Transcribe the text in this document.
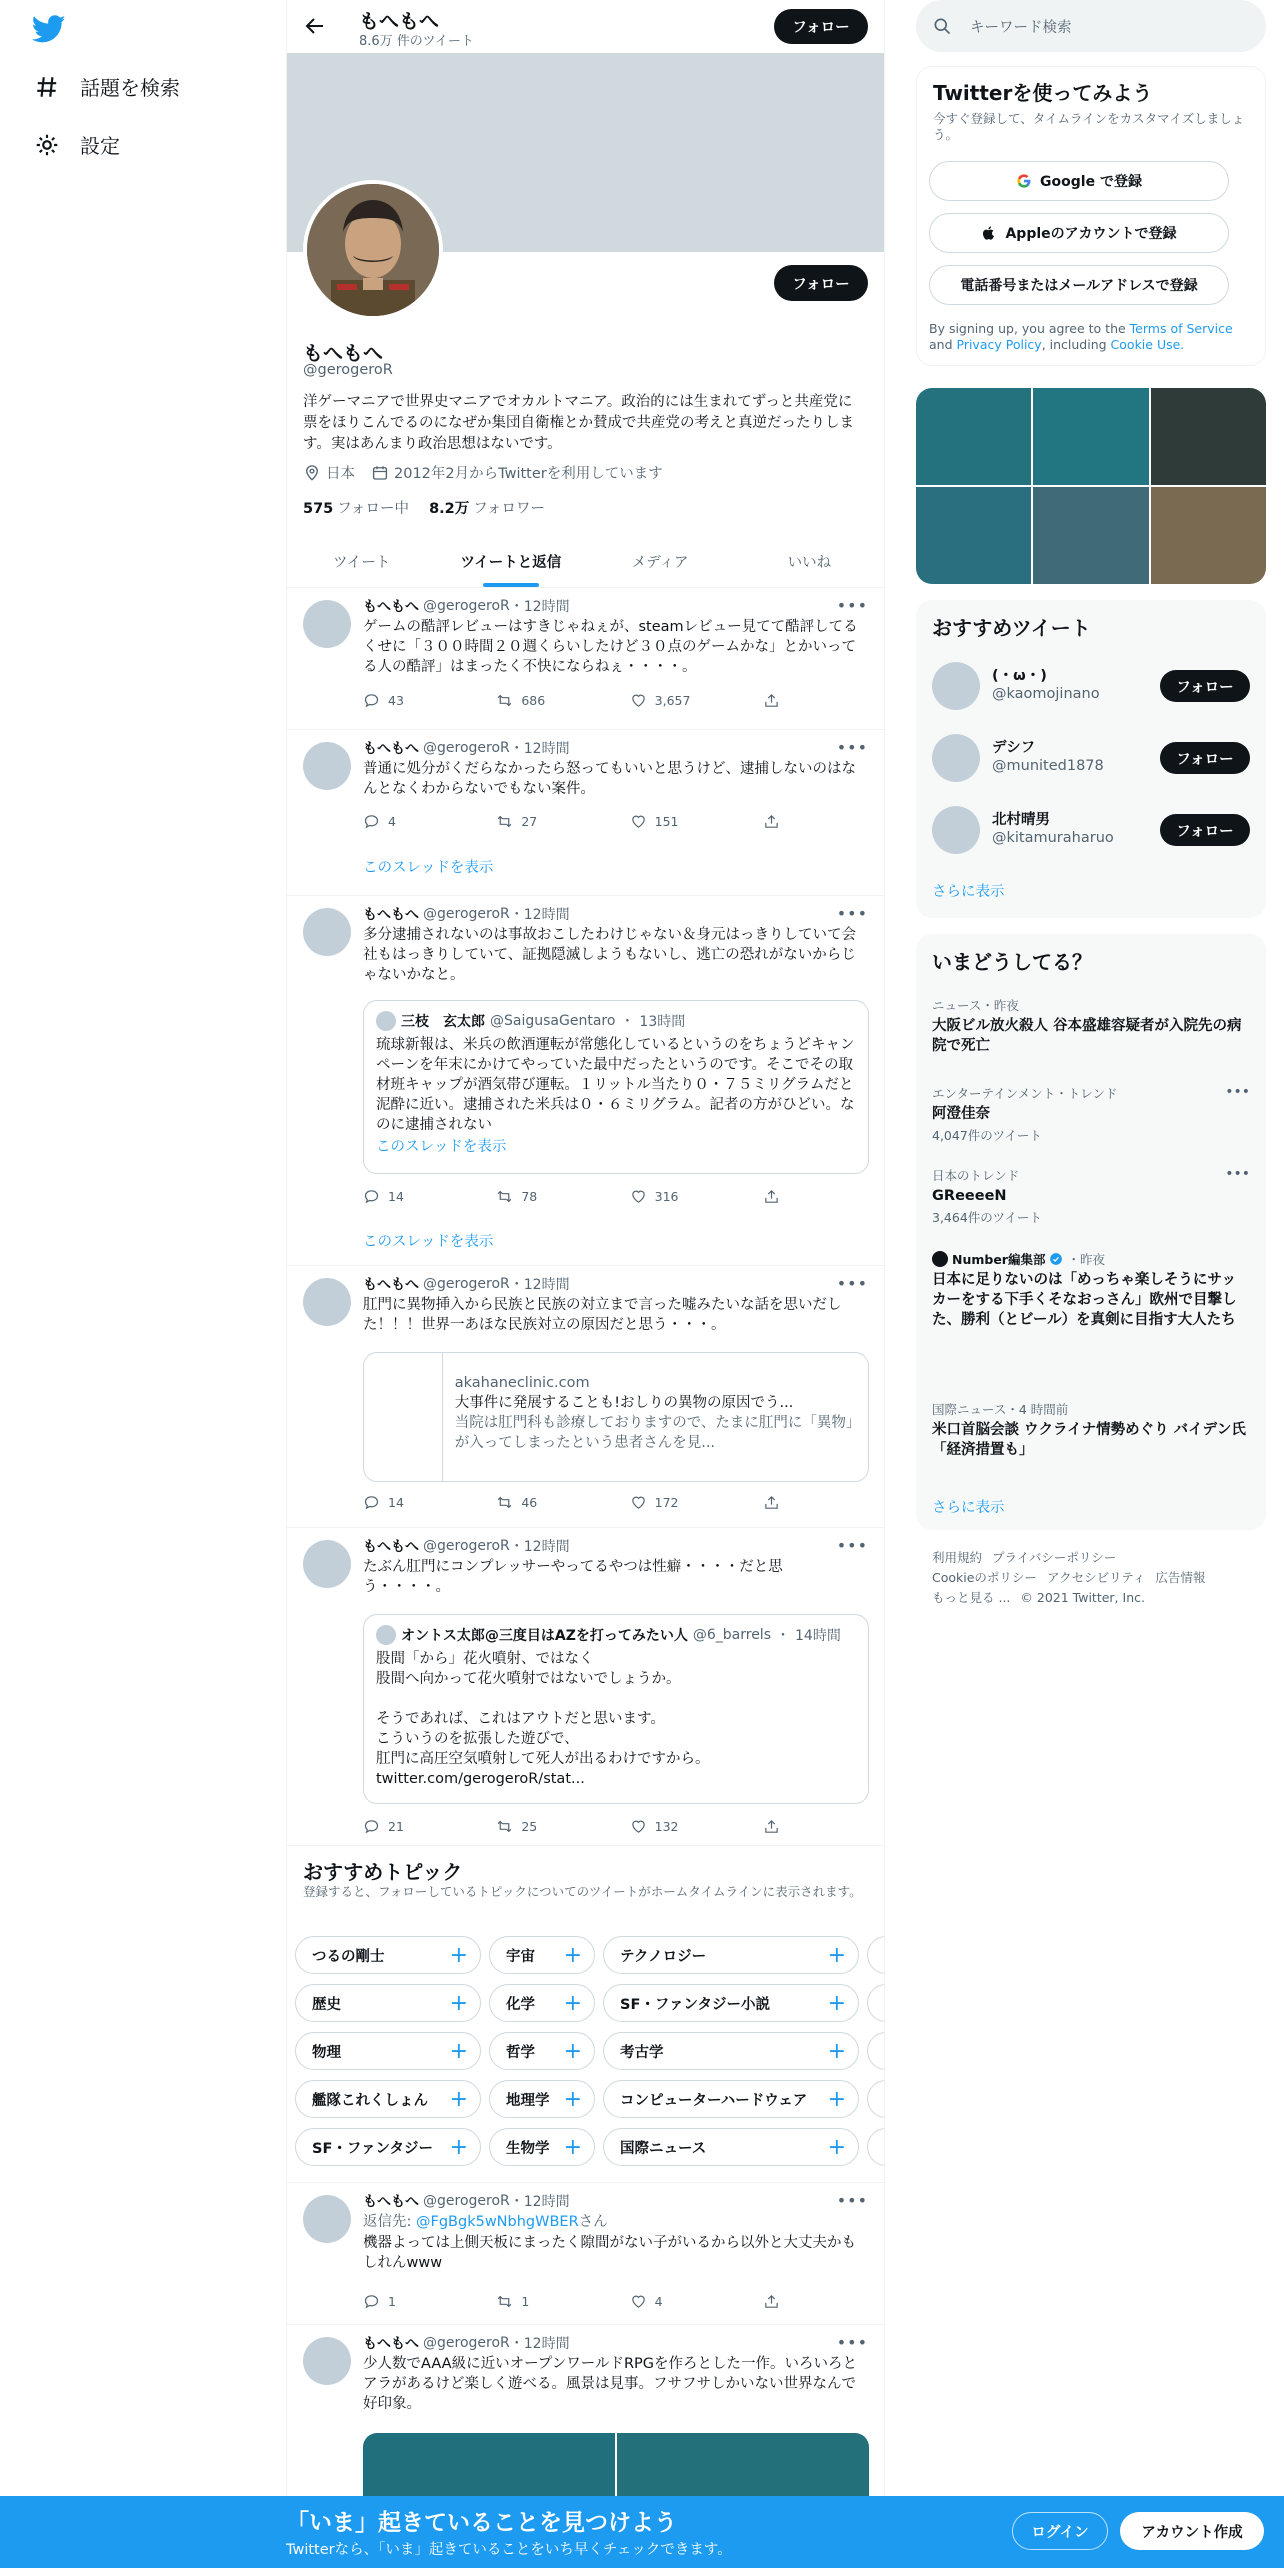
話題を検索
設定
もへもへ
8.6万 件のツイート
フォロー
フォロー
もへもへ
@gerogeroR
洋ゲーマニアで世界史マニアでオカルトマニア。政治的には生まれてずっと共産党に票をほりこんでるのになぜか集団自衛権とか賛成で共産党の考えと真逆だったりします。実はあんまり政治思想はないです。
日本	2012年2月からTwitterを利用しています
575 フォロー中 8.2万 フォロワー
ツイート	ツイートと返信	メディア	いいね
もへもへ @gerogeroR ・ 12時間	•••
ゲームの酷評レビューはすきじゃねぇが、steamレビュー見てて酷評してるくせに「３００時間２０週くらいしたけど３０点のゲームかな」とかいってる人の酷評」はまったく不快にならねぇ・・・・。
43	686	3,657
もへもへ @gerogeroR ・ 12時間	•••
普通に処分がくだらなかったら怒ってもいいと思うけど、逮捕しないのはなんとなくわからないでもない案件。
4	27	151
このスレッドを表示
もへもへ @gerogeroR ・ 12時間	•••
多分逮捕されないのは事故おこしたわけじゃない＆身元はっきりしていて会社もはっきりしていて、証拠隠滅しようもないし、逃亡の恐れがないからじゃないかなと。
三枝　玄太郎 @SaigusaGentaro ・ 13時間
琉球新報は、米兵の飲酒運転が常態化しているというのをちょうどキャンペーンを年末にかけてやっていた最中だったというのです。そこでその取材班キャップが酒気帯び運転。１リットル当たり０・７５ミリグラムだと泥酔に近い。逮捕された米兵は０・６ミリグラム。記者の方がひどい。なのに逮捕されない
このスレッドを表示
14	78	316
このスレッドを表示
もへもへ @gerogeroR ・ 12時間	•••
肛門に異物挿入から民族と民族の対立まで言った嘘みたいな話を思いだした！！！世界一あほな民族対立の原因だと思う・・・。
akahaneclinic.com
大事件に発展することも!おしりの異物の原因でう...
当院は肛門科も診療しておりますので、たまに肛門に「異物」が入ってしまったという患者さんを見...
14	46	172
もへもへ @gerogeroR ・ 12時間	•••
たぶん肛門にコンプレッサーやってるやつは性癖・・・・だと思う・・・・。
オントス太郎@三度目はAZを打ってみたい人 @6_barrels ・ 14時間
股間「から」花火噴射、ではなく
股間へ向かって花火噴射ではないでしょうか。

そうであれば、これはアウトだと思います。
こういうのを拡張した遊びで、
肛門に高圧空気噴射して死人が出るわけですから。
twitter.com/gerogeroR/stat...
21	25	132
おすすめトピック
登録すると、フォローしているトピックについてのツイートがホームタイムラインに表示されます。
つるの剛士	+	宇宙 +	テクノロジー	+
歴史	+	化学 +	SF・ファンタジー小説	+
物理	+	哲学 +	考古学	+
艦隊これくしょん +	地理学 +	コンピューターハードウェア +
SF・ファンタジー +	生物学 +	国際ニュース	+
もへもへ @gerogeroR ・ 12時間	•••
返信先: @FgBgk5wNbhgWBERさん
機器よっては上側天板にまったく隙間がない子がいるから以外と大丈夫かもしれんwww
1	1	4
もへもへ @gerogeroR ・ 12時間	•••
少人数でAAA級に近いオープンワールドRPGを作ろとした一作。いろいろとアラがあるけど楽しく遊べる。風景は見事。フサフサしかいない世界なんで好印象。
キーワード検索
Twitterを使ってみよう
今すぐ登録して、タイムラインをカスタマイズしましょう。
Google で登録
Appleのアカウントで登録
電話番号またはメールアドレスで登録
By signing up, you agree to the Terms of Service and Privacy Policy, including Cookie Use.
おすすめツイート
(・ω・)
@kaomojinano	フォロー
デシフ
@munited1878	フォロー
北村晴男
@kitamuraharuo	フォロー
さらに表示
いまどうしてる？
ニュース・昨夜
大阪ビル放火殺人 谷本盛雄容疑者が入院先の病院で死亡
エンターテインメント・トレンド
阿澄佳奈
4,047件のツイート
•••
日本のトレンド
GReeeeN
3,464件のツイート
•••
Number編集部 ・昨夜
日本に足りないのは「めっちゃ楽しそうにサッカーをする下手くそなおっさん」欧州で目撃した、勝利（とビール）を真剣に目指す大人たち
国際ニュース・4 時間前
米口首脳会談 ウクライナ情勢めぐり バイデン氏「経済措置も」
さらに表示
利用規約 プライバシーポリシー
Cookieのポリシー アクセシビリティ 広告情報
もっと見る ... © 2021 Twitter, Inc.
「いま」起きていることを見つけよう
Twitterなら、「いま」起きていることをいち早くチェックできます。
ログイン	アカウント作成
